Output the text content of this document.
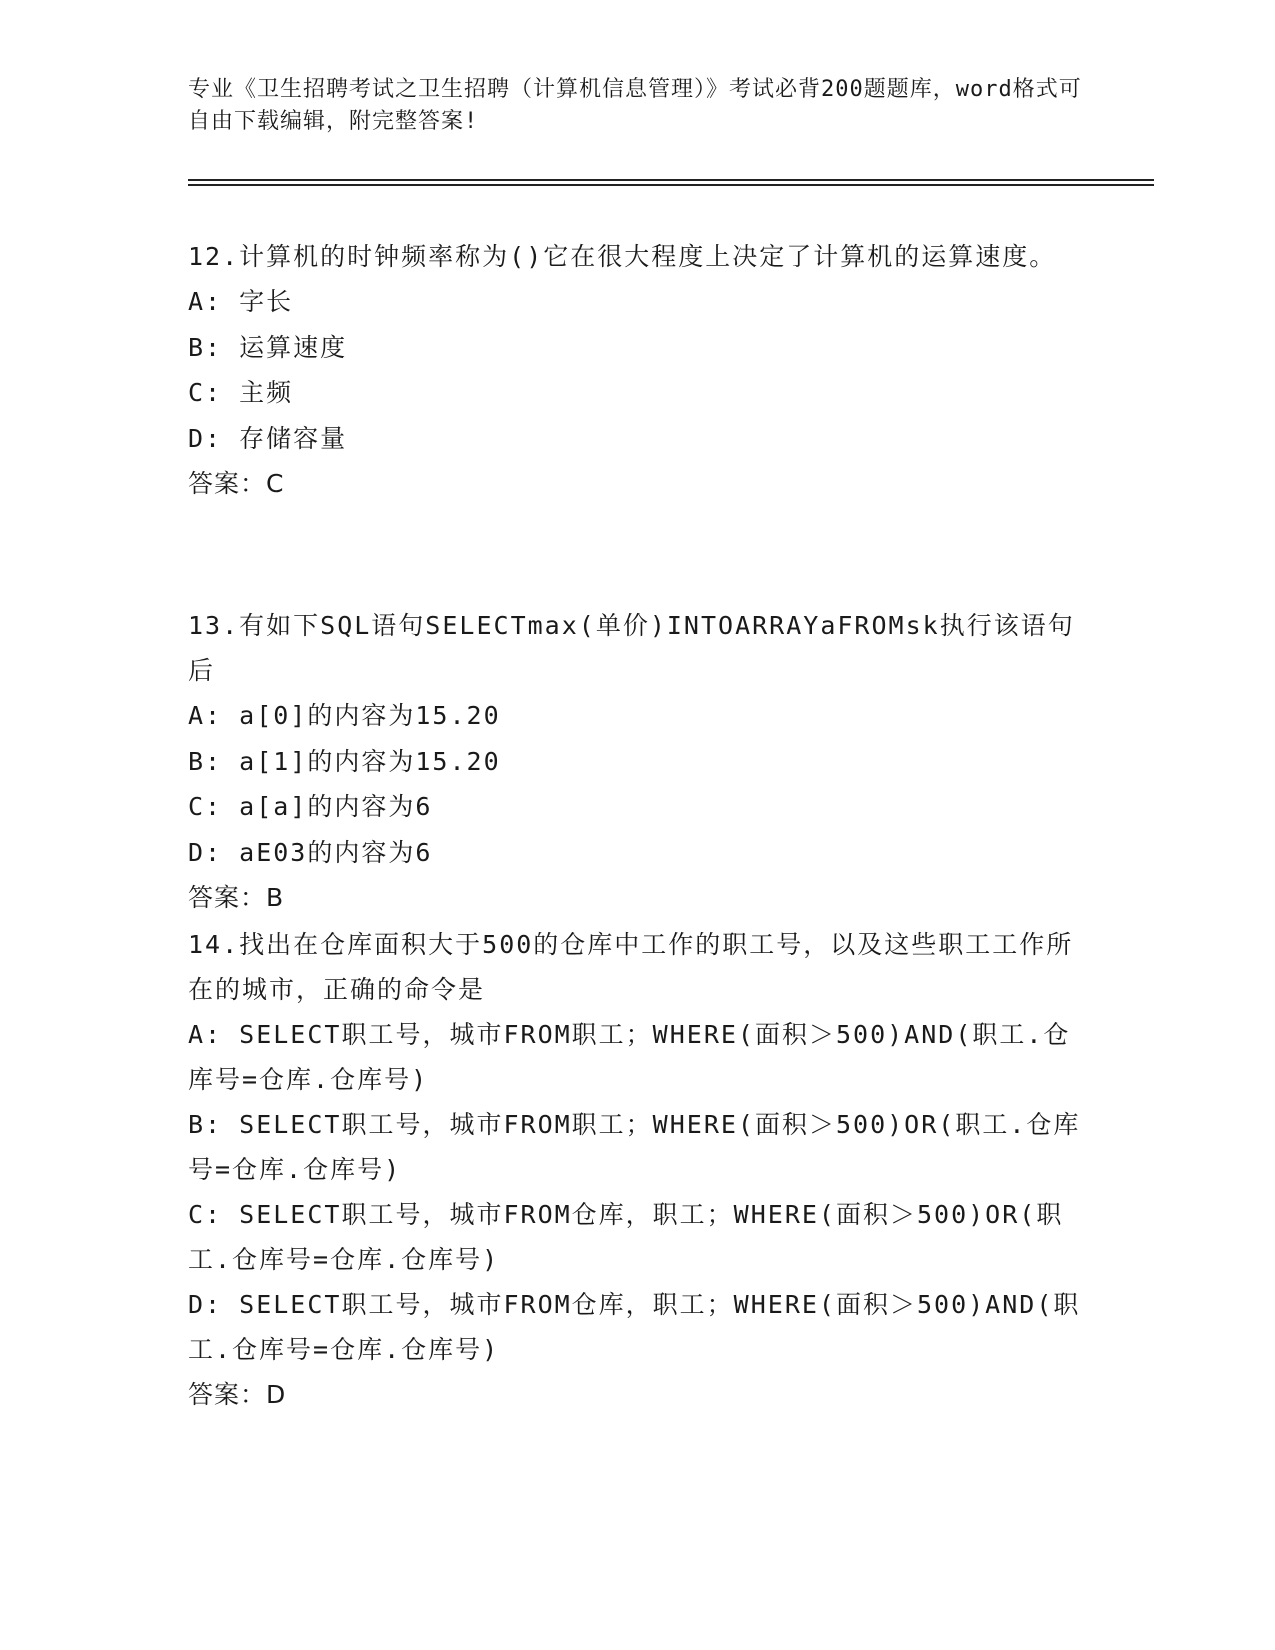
专业《卫生招聘考试之卫生招聘（计算机信息管理）》考试必背200题题库，word格式可自由下载编辑，附完整答案!
12.计算机的时钟频率称为()它在很大程度上决定了计算机的运算速度。
A: 字长
B: 运算速度
C: 主频
D: 存储容量
答案：C
13.有如下SQL语句SELECTmax(单价)INTOARRAYaFROMsk执行该语句后
A: a[0]的内容为15.20
B: a[1]的内容为15.20
C: a[a]的内容为6
D: aE03的内容为6
答案：B
14.找出在仓库面积大于500的仓库中工作的职工号，以及这些职工工作所在的城市，正确的命令是
A: SELECT职工号，城市FROM职工；WHERE(面积＞500)AND(职工.仓库号=仓库.仓库号)
B: SELECT职工号，城市FROM职工；WHERE(面积＞500)OR(职工.仓库号=仓库.仓库号)
C: SELECT职工号，城市FROM仓库，职工；WHERE(面积＞500)OR(职工.仓库号=仓库.仓库号)
D: SELECT职工号，城市FROM仓库，职工；WHERE(面积＞500)AND(职工.仓库号=仓库.仓库号)
答案：D
